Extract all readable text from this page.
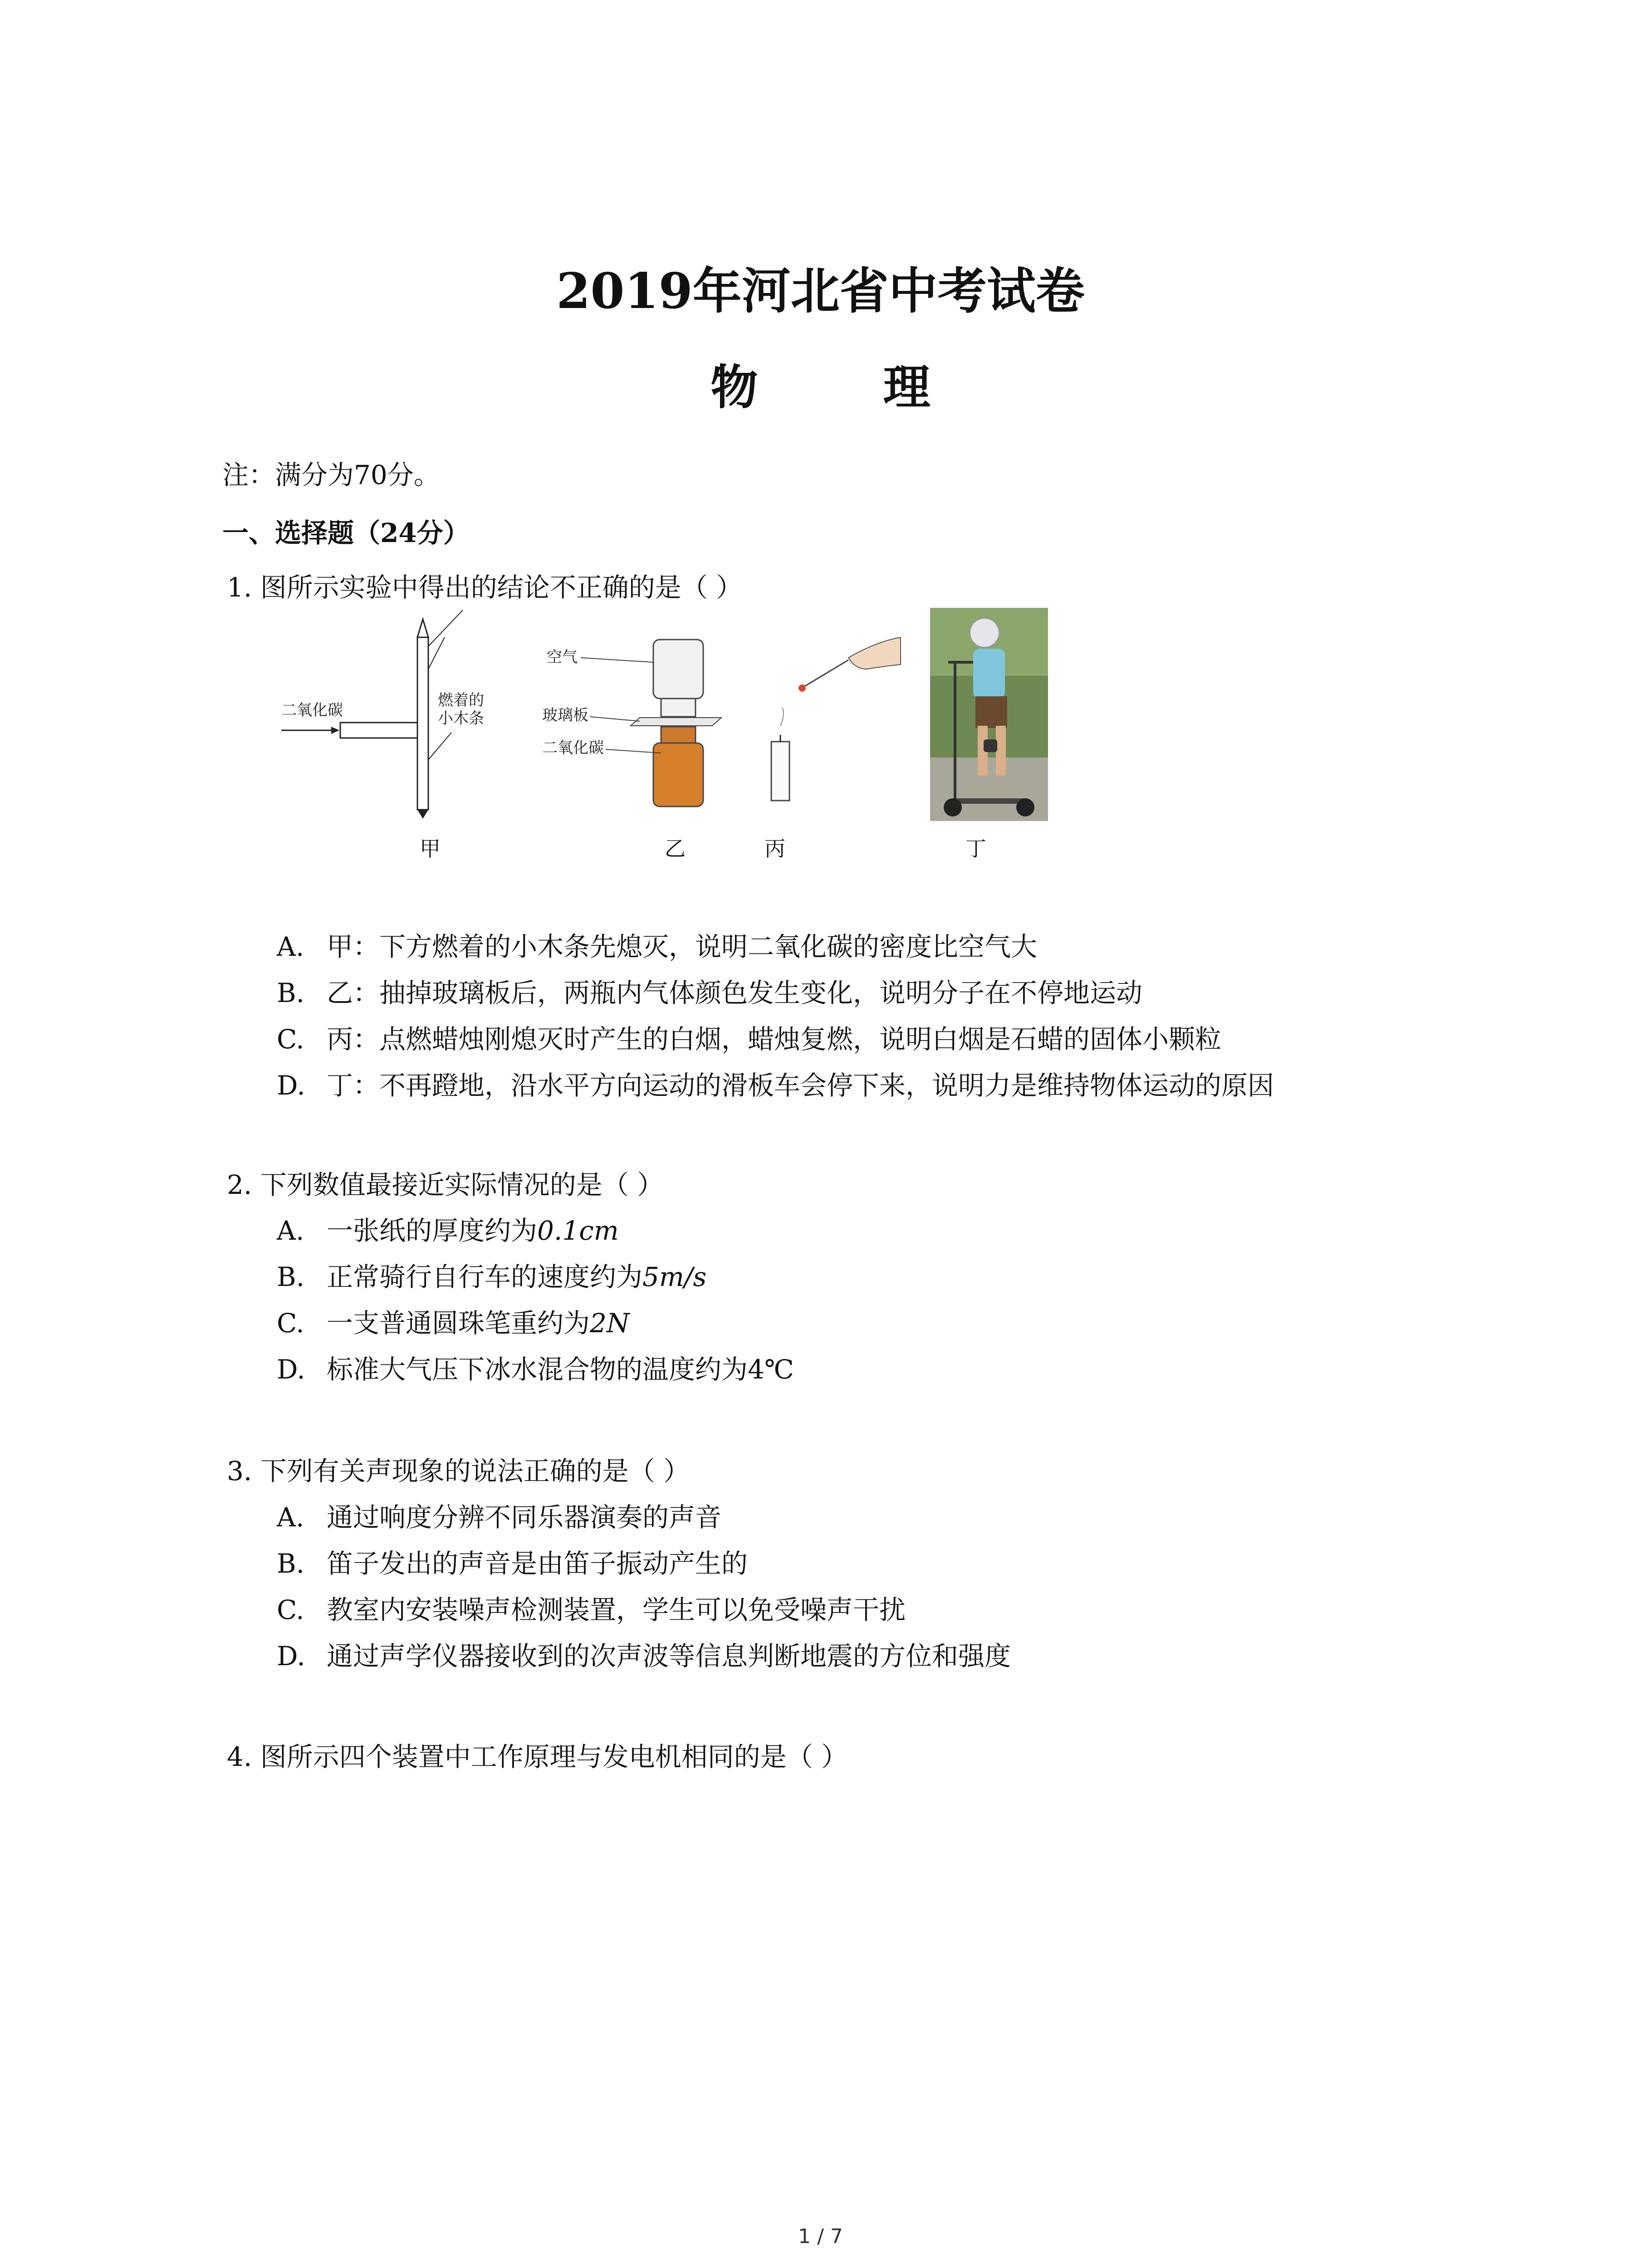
2019年河北省中考试卷
物 理
注：满分为70分。
一、选择题（24分）
1. 图所示实验中得出的结论不正确的是（ ）
二氧化碳
燃着的
小木条
甲
空气
玻璃板
二氧化碳
乙	丙	丁
A. 甲：下方燃着的小木条先熄灭，说明二氧化碳的密度比空气大
B. 乙：抽掉玻璃板后，两瓶内气体颜色发生变化，说明分子在不停地运动
C. 丙：点燃蜡烛刚熄灭时产生的白烟，蜡烛复燃，说明白烟是石蜡的固体小颗粒
D. 丁：不再蹬地，沿水平方向运动的滑板车会停下来，说明力是维持物体运动的原因
2. 下列数值最接近实际情况的是（ ）
A. 一张纸的厚度约为0.1cm
B. 正常骑行自行车的速度约为5m/s
C. 一支普通圆珠笔重约为2N
D. 标准大气压下冰水混合物的温度约为4℃
3. 下列有关声现象的说法正确的是（ ）
A. 通过响度分辨不同乐器演奏的声音
B. 笛子发出的声音是由笛子振动产生的
C. 教室内安装噪声检测装置，学生可以免受噪声干扰
D. 通过声学仪器接收到的次声波等信息判断地震的方位和强度
4. 图所示四个装置中工作原理与发电机相同的是（ ）
1 / 7
